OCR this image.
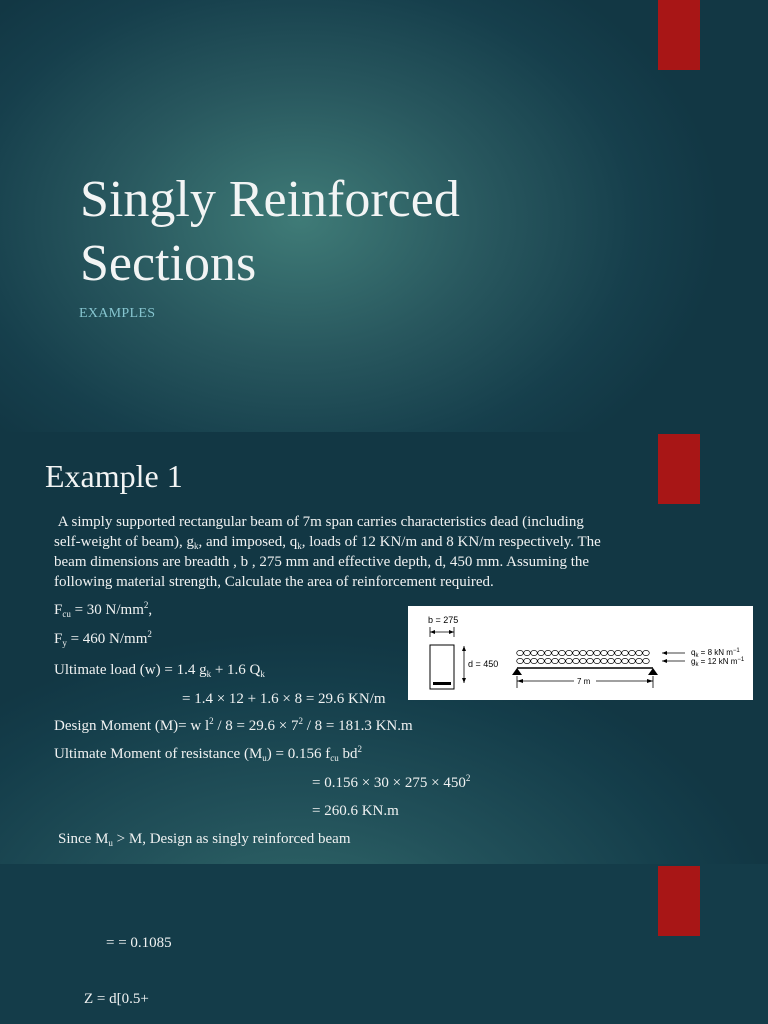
Singly Reinforced
Sections
EXAMPLES
Example 1
A simply supported rectangular beam of 7m span carries characteristics dead (including
self-weight of beam), $g_k$, and imposed, $q_k$, loads of 12 KN/m and 8 KN/m respectively. The
beam dimensions are breadth , b , 275 mm and effective depth, d, 450 mm. Assuming the
following material strength, Calculate the area of reinforcement required.
$F_{cu} = 30$ $N/mm^2$,
$F_y = 460$ $N/mm^2$
Ultimate load (w) = 1.4 $g_k + 1.6$ $Q_k$
= 1.4 × 12 + 1.6 × 8 = 29.6 KN/m
Design Moment (M)= w $l^2 / 8 = 29.6 \times 7^2 / 8 = 181.3$ KN.m
Ultimate Moment of resistance $(M_u) = 0.156$ $f_{cu}$ $bd^2$
= $0.156 \times 30 \times 275 \times 450^2$
= 260.6 KN.m
Since $M_u > M$, Design as singly reinforced beam
b = 275
d = 450
$q_k = 8$ kN $m^{-1}$
$g_k = 12$ kN $m^{-1}$
7 m
= = 0.1085
Z = d[0.5+
